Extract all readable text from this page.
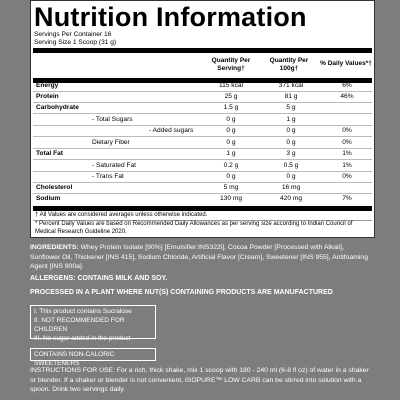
Nutrition Information
Servings Per Container 16
Serving Size 1 Scoop (31 g)
Quantity Per Serving†
Quantity Per 100g†
% Daily Values*†
Energy	115 kcal	371 kcal	6%
Protein	25 g	81 g	46%
Carbohydrate	1.5 g	5 g
- Total Sugars	0 g	1 g
- Added sugars	0 g	0 g	0%
Dietary Fiber	0 g	0 g	0%
Total Fat	1 g	3 g	1%
- Saturated Fat	0.2 g	0.5 g	1%
- Trans Fat	0 g	0 g	0%
Cholesterol	5 mg	16 mg
Sodium	130 mg	420 mg	7%
† All Values are considered averages unless otherwise indicated.
* Percent Daily Values are based on Recommended Daily Allowances as per serving size according to Indian Council of Medical Research Guideline 2020.
INGREDIENTS: Whey Protein Isolate [90%] [Emulsifier:INS322i], Cocoa Powder [Processed with Alkali], Sunflower Oil, Thickener [INS 415], Sodium Chloride, Artificial Flavor [Cream], Sweetener [INS 955], Antifoaming Agent [INS 900a].
ALLERGENS: CONTAINS MILK AND SOY.
PROCESSED IN A PLANT WHERE NUT(S) CONTAINING PRODUCTS ARE MANUFACTURED
I. This product contains Sucralose
II. NOT RECOMMENDED FOR CHILDREN
III. No sugar added in the product
CONTAINS NON-CALORIC SWEETENERS
INSTRUCTIONS FOR USE: For a rich, thick shake, mix 1 scoop with 180 - 240 ml (6-8 fl oz) of water in a shaker or blender. If a shaker or blender is not convenient, ISOPURE™ LOW CARB can be stirred into solution with a spoon. Drink two servings daily.
